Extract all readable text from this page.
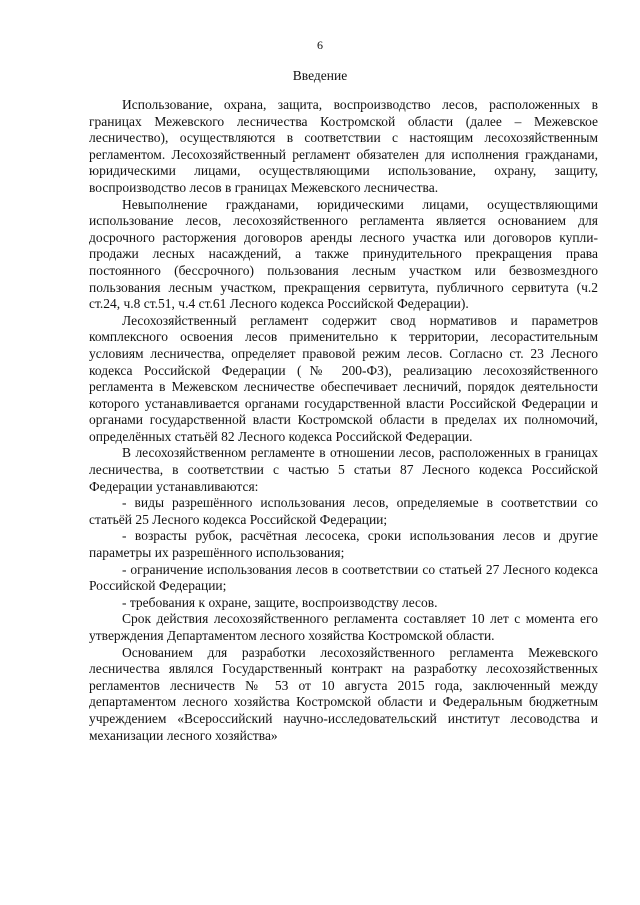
6
Введение

Использование, охрана, защита, воспроизводство лесов, расположенных в границах Межевского лесничества Костромской области (далее – Межевское лесничество), осуществляются в соответствии с настоящим лесохозяйственным регламентом. Лесохозяйственный регламент обязателен для исполнения гражданами, юридическими лицами, осуществляющими использование, охрану, защиту, воспроизводство лесов в границах Межевского лесничества.

Невыполнение гражданами, юридическими лицами, осуществляющими использование лесов, лесохозяйственного регламента является основанием для досрочного расторжения договоров аренды лесного участка или договоров купли-продажи лесных насаждений, а также принудительного прекращения права постоянного (бессрочного) пользования лесным участком или безвозмездного пользования лесным участком, прекращения сервитута, публичного сервитута (ч.2 ст.24, ч.8 ст.51, ч.4 ст.61 Лесного кодекса Российской Федерации).

Лесохозяйственный регламент содержит свод нормативов и параметров комплексного освоения лесов применительно к территории, лесорастительным условиям лесничества, определяет правовой режим лесов. Согласно ст. 23 Лесного кодекса Российской Федерации (№ 200-ФЗ), реализацию лесохозяйственного регламента в Межевском лесничестве обеспечивает лесничий, порядок деятельности которого устанавливается органами государственной власти Российской Федерации и органами государственной власти Костромской области в пределах их полномочий, определённых статьёй 82 Лесного кодекса Российской Федерации.

В лесохозяйственном регламенте в отношении лесов, расположенных в границах лесничества, в соответствии с частью 5 статьи 87 Лесного кодекса Российской Федерации устанавливаются:

- виды разрешённого использования лесов, определяемые в соответствии со статьёй 25 Лесного кодекса Российской Федерации;

- возрасты рубок, расчётная лесосека, сроки использования лесов и другие параметры их разрешённого использования;

- ограничение использования лесов в соответствии со статьей 27 Лесного кодекса Российской Федерации;

- требования к охране, защите, воспроизводству лесов.

Срок действия лесохозяйственного регламента составляет 10 лет с момента его утверждения Департаментом лесного хозяйства Костромской области.

Основанием для разработки лесохозяйственного регламента Межевского лесничества являлся Государственный контракт на разработку лесохозяйственных регламентов лесничеств № 53 от 10 августа 2015 года, заключенный между департаментом лесного хозяйства Костромской области и Федеральным бюджетным учреждением «Всероссийский научно-исследовательский институт лесоводства и механизации лесного хозяйства»
